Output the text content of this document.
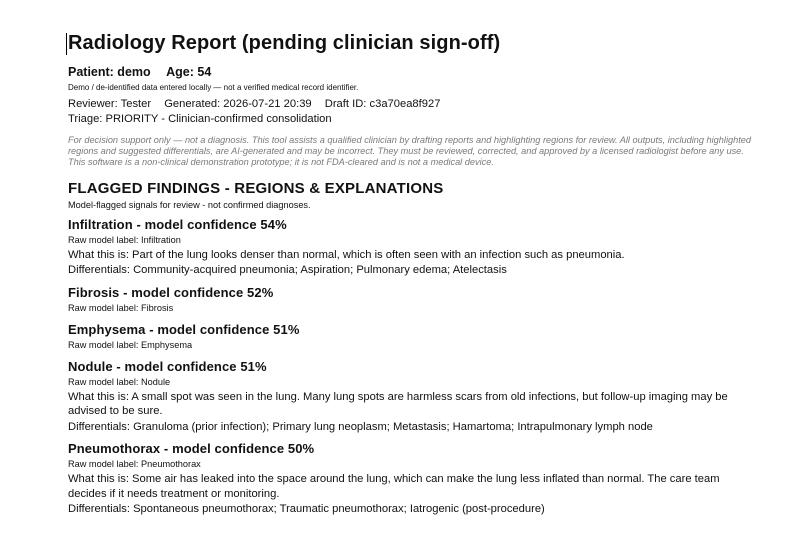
Radiology Report (pending clinician sign-off)
Patient: demo Age: 54
Demo / de-identified data entered locally — not a verified medical record identifier.
Reviewer: Tester Generated: 2026-07-21 20:39 Draft ID: c3a70ea8f927
Triage: PRIORITY - Clinician-confirmed consolidation
For decision support only — not a diagnosis. This tool assists a qualified clinician by drafting reports and highlighting regions for review. All outputs, including highlighted regions and suggested differentials, are AI-generated and may be incorrect. They must be reviewed, corrected, and approved by a licensed radiologist before any use. This software is a non-clinical demonstration prototype; it is not FDA-cleared and is not a medical device.
FLAGGED FINDINGS - REGIONS & EXPLANATIONS
Model-flagged signals for review - not confirmed diagnoses.
Infiltration - model confidence 54%
Raw model label: Infiltration
What this is: Part of the lung looks denser than normal, which is often seen with an infection such as pneumonia.
Differentials: Community-acquired pneumonia; Aspiration; Pulmonary edema; Atelectasis
Fibrosis - model confidence 52%
Raw model label: Fibrosis
Emphysema - model confidence 51%
Raw model label: Emphysema
Nodule - model confidence 51%
Raw model label: Nodule
What this is: A small spot was seen in the lung. Many lung spots are harmless scars from old infections, but follow-up imaging may be advised to be sure.
Differentials: Granuloma (prior infection); Primary lung neoplasm; Metastasis; Hamartoma; Intrapulmonary lymph node
Pneumothorax - model confidence 50%
Raw model label: Pneumothorax
What this is: Some air has leaked into the space around the lung, which can make the lung less inflated than normal. The care team decides if it needs treatment or monitoring.
Differentials: Spontaneous pneumothorax; Traumatic pneumothorax; Iatrogenic (post-procedure)
